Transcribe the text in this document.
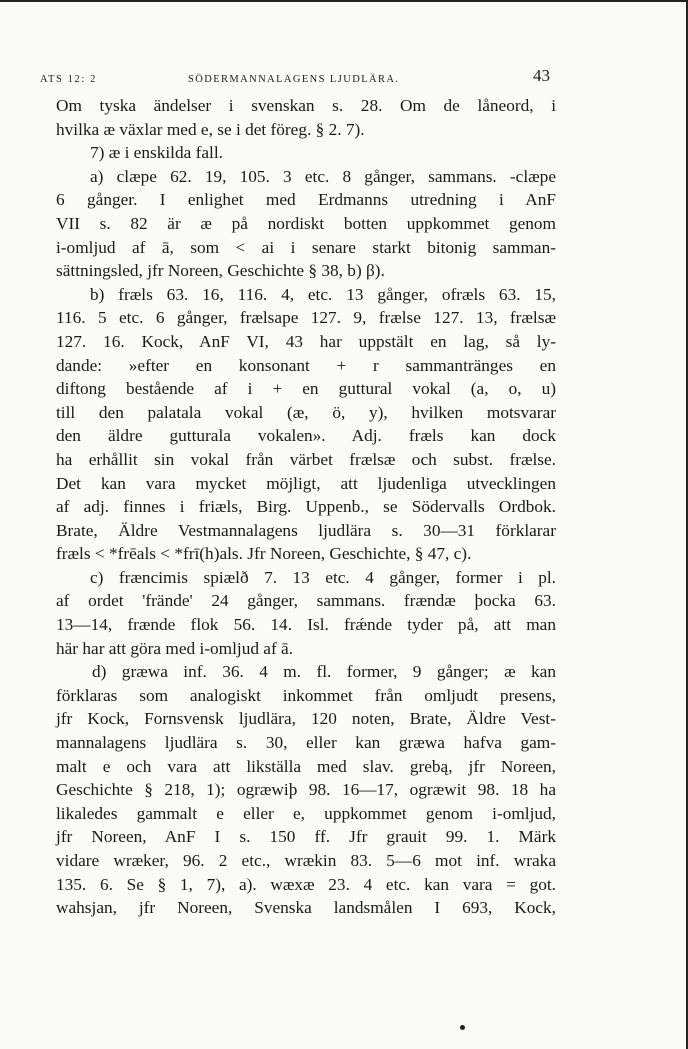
ATS 12: 2	SÖDERMANNALAGENS LJUDLÄRA.	43
Om tyska ändelser i svenskan s. 28. Om de låneord, i
hvilka æ växlar med e, se i det föreg. § 2. 7).
7) æ i enskilda fall.
a) clæpe 62. 19, 105. 3 etc. 8 gånger, sammans. -clæpe
6 gånger. I enlighet med Erdmanns utredning i AnF
VII s. 82 är æ på nordiskt botten uppkommet genom
i-omljud af ā, som < ai i senare starkt bitonig samman-
sättningsled, jfr Noreen, Geschichte § 38, b) β).
b) fræls 63. 16, 116. 4, etc. 13 gånger, ofræls 63. 15,
116. 5 etc. 6 gånger, frælsape 127. 9, frælse 127. 13, frælsæ
127. 16. Kock, AnF VI, 43 har uppstält en lag, så ly-
dande: »efter en konsonant + r sammantränges en
diftong bestående af i + en guttural vokal (a, o, u)
till den palatala vokal (æ, ö, y), hvilken motsvarar
den äldre gutturala vokalen». Adj. fræls kan dock
ha erhållit sin vokal från värbet frælsæ och subst. frælse.
Det kan vara mycket möjligt, att ljudenliga utvecklingen
af adj. finnes i friæls, Birg. Uppenb., se Södervalls Ordbok.
Brate, Äldre Vestmannalagens ljudlära s. 30—31 förklarar
fræls < *frēals < *frī(h)als. Jfr Noreen, Geschichte, § 47, c).
c) fræncimis spiælð 7. 13 etc. 4 gånger, former i pl.
af ordet 'frände' 24 gånger, sammans. frændæ þocka 63.
13—14, frænde flok 56. 14. Isl. frǽnde tyder på, att man
här har att göra med i-omljud af ā.
d) græwa inf. 36. 4 m. fl. former, 9 gånger; æ kan
förklaras som analogiskt inkommet från omljudt presens,
jfr Kock, Fornsvensk ljudlära, 120 noten, Brate, Äldre Vest-
mannalagens ljudlära s. 30, eller kan græwa hafva gam-
malt e och vara att likställa med slav. grebą, jfr Noreen,
Geschichte § 218, 1); ogræwiþ 98. 16—17, ogræwit 98. 18 ha
likaledes gammalt e eller e, uppkommet genom i-omljud,
jfr Noreen, AnF I s. 150 ff. Jfr grauit 99. 1. Märk
vidare wræker, 96. 2 etc., wrækin 83. 5—6 mot inf. wraka
135. 6. Se § 1, 7), a). wæxæ 23. 4 etc. kan vara = got.
wahsjan, jfr Noreen, Svenska landsmålen I 693, Kock,
